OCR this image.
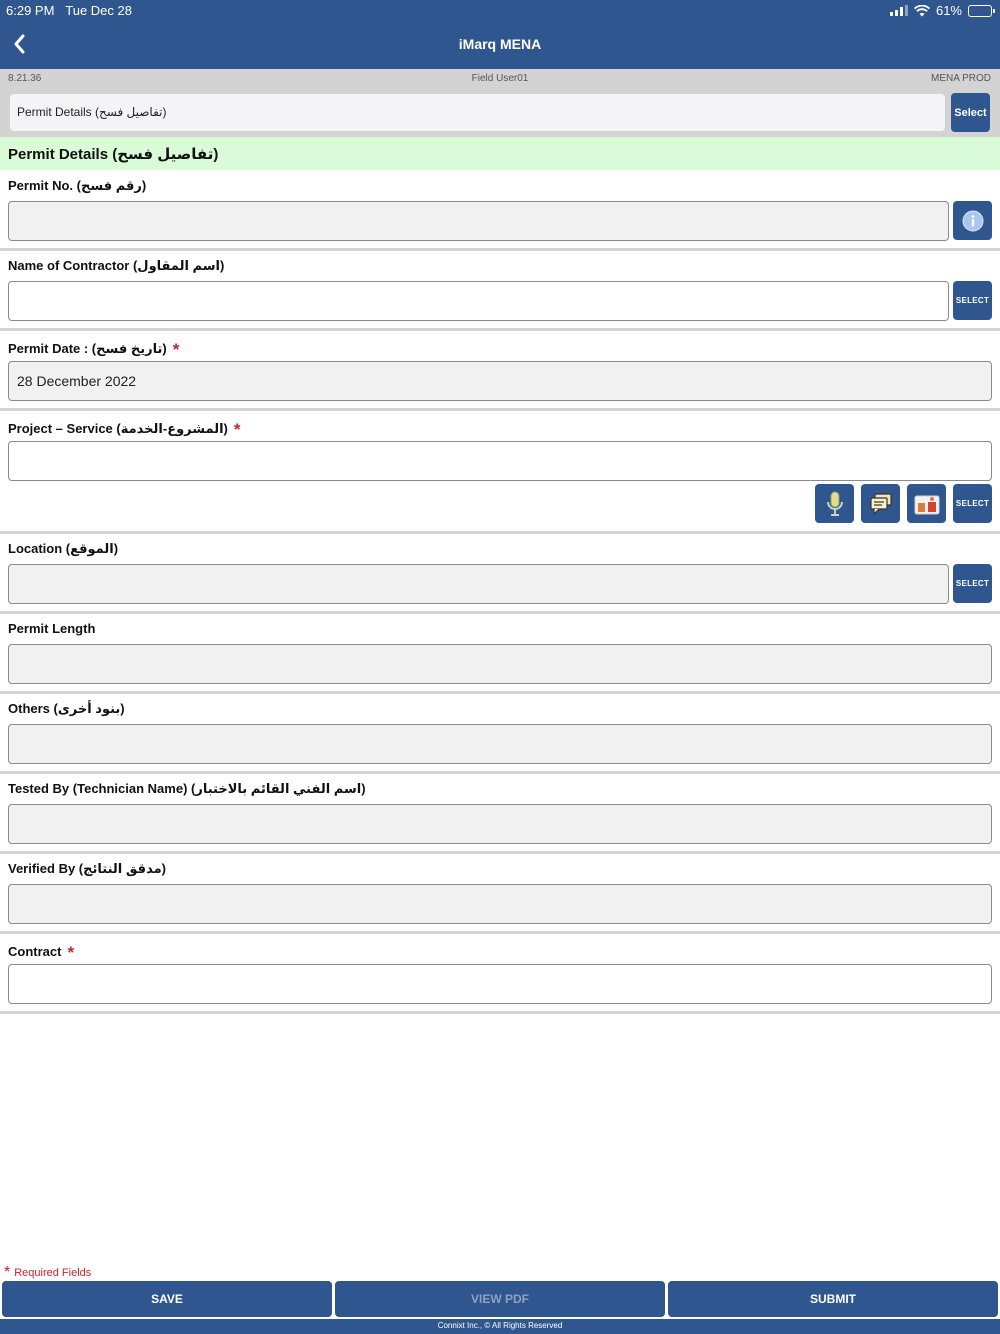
6:29 PM Tue Dec 28	61%
iMarq MENA
8.21.36	Field User01	MENA PROD
Permit Details (تفاصيل فسح)	Select
Permit Details (تفاصيل فسح)
Permit No. (رقم فسح)
Name of Contractor (اسم المقاول)
SELECT
Permit Date : (تاريخ فسح) *
28 December 2022
Project – Service (المشروع-الخدمة) *
SELECT
Location (الموقع)
SELECT
Permit Length
Others (بنود أخرى)
Tested By (Technician Name) (اسم الفني القائم بالاختبار)
Verified By (مدقق النتائج)
Contract *
* Required Fields
SAVE	VIEW PDF	SUBMIT
Connixt Inc., © All Rights Reserved
